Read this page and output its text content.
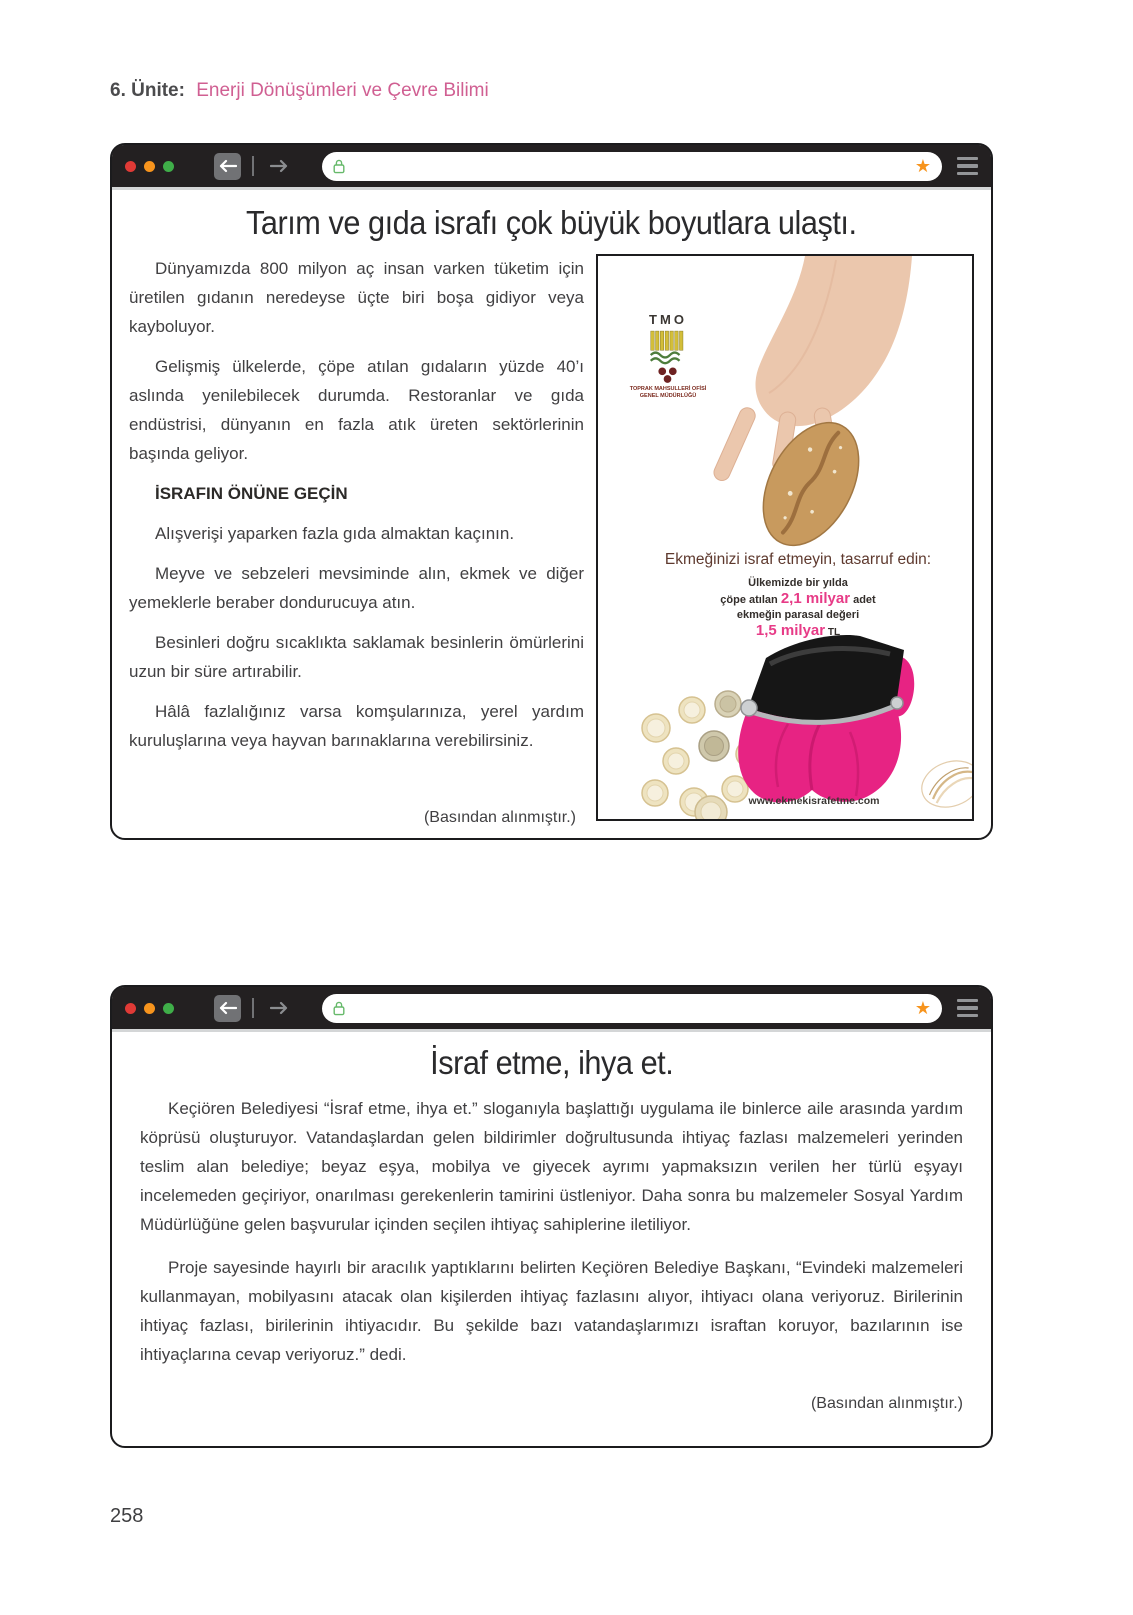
6. Ünite: Enerji Dönüşümleri ve Çevre Bilimi
★
Tarım ve gıda israfı çok büyük boyutlara ulaştı.

Dünyamızda 800 milyon aç insan varken tüketim için üretilen gıdanın neredeyse üçte biri boşa gidiyor veya kayboluyor.

Gelişmiş ülkelerde, çöpe atılan gıdaların yüzde 40’ı aslında yenilebilecek durumda. Restoranlar ve gıda endüstrisi, dünyanın en fazla atık üreten sektörlerinin başında geliyor.

İSRAFIN ÖNÜNE GEÇİN

Alışverişi yaparken fazla gıda almaktan kaçının.

Meyve ve sebzeleri mevsiminde alın, ekmek ve diğer yemeklerle beraber dondurucuya atın.

Besinleri doğru sıcaklıkta saklamak besinlerin ömürlerini uzun bir süre artırabilir.

Hâlâ fazlalığınız varsa komşularınıza, yerel yardım kuruluşlarına veya hayvan barınaklarına verebilirsiniz.

(Basından alınmıştır.)

TMO
TOPRAK MAHSULLERİ OFİSİ
GENEL MÜDÜRLÜĞÜ
Ekmeğinizi israf etmeyin, tasarruf edin:
Ülkemizde bir yılda
çöpe atılan 2,1 milyar adet
ekmeğin parasal değeri
1,5 milyar TL
www.ekmekisrafetme.com
★
İsraf etme, ihya et.

Keçiören Belediyesi “İsraf etme, ihya et.” sloganıyla başlattığı uygulama ile binlerce aile arasında yardım köprüsü oluşturuyor. Vatandaşlardan gelen bildirimler doğrultusunda ihtiyaç fazlası malzemeleri yerinden teslim alan belediye; beyaz eşya, mobilya ve giyecek ayrımı yapmaksızın verilen her türlü eşyayı incelemeden geçiriyor, onarılması gerekenlerin tamirini üstleniyor. Daha sonra bu malzemeler Sosyal Yardım Müdürlüğüne gelen başvurular içinden seçilen ihtiyaç sahiplerine iletiliyor.

Proje sayesinde hayırlı bir aracılık yaptıklarını belirten Keçiören Belediye Başkanı, “Evindeki malzemeleri kullanmayan, mobilyasını atacak olan kişilerden ihtiyaç fazlasını alıyor, ihtiyacı olana veriyoruz. Birilerinin ihtiyaç fazlası, birilerinin ihtiyacıdır. Bu şekilde bazı vatandaşlarımızı israftan koruyor, bazılarının ise ihtiyaçlarına cevap veriyoruz.” dedi.

(Basından alınmıştır.)

258
